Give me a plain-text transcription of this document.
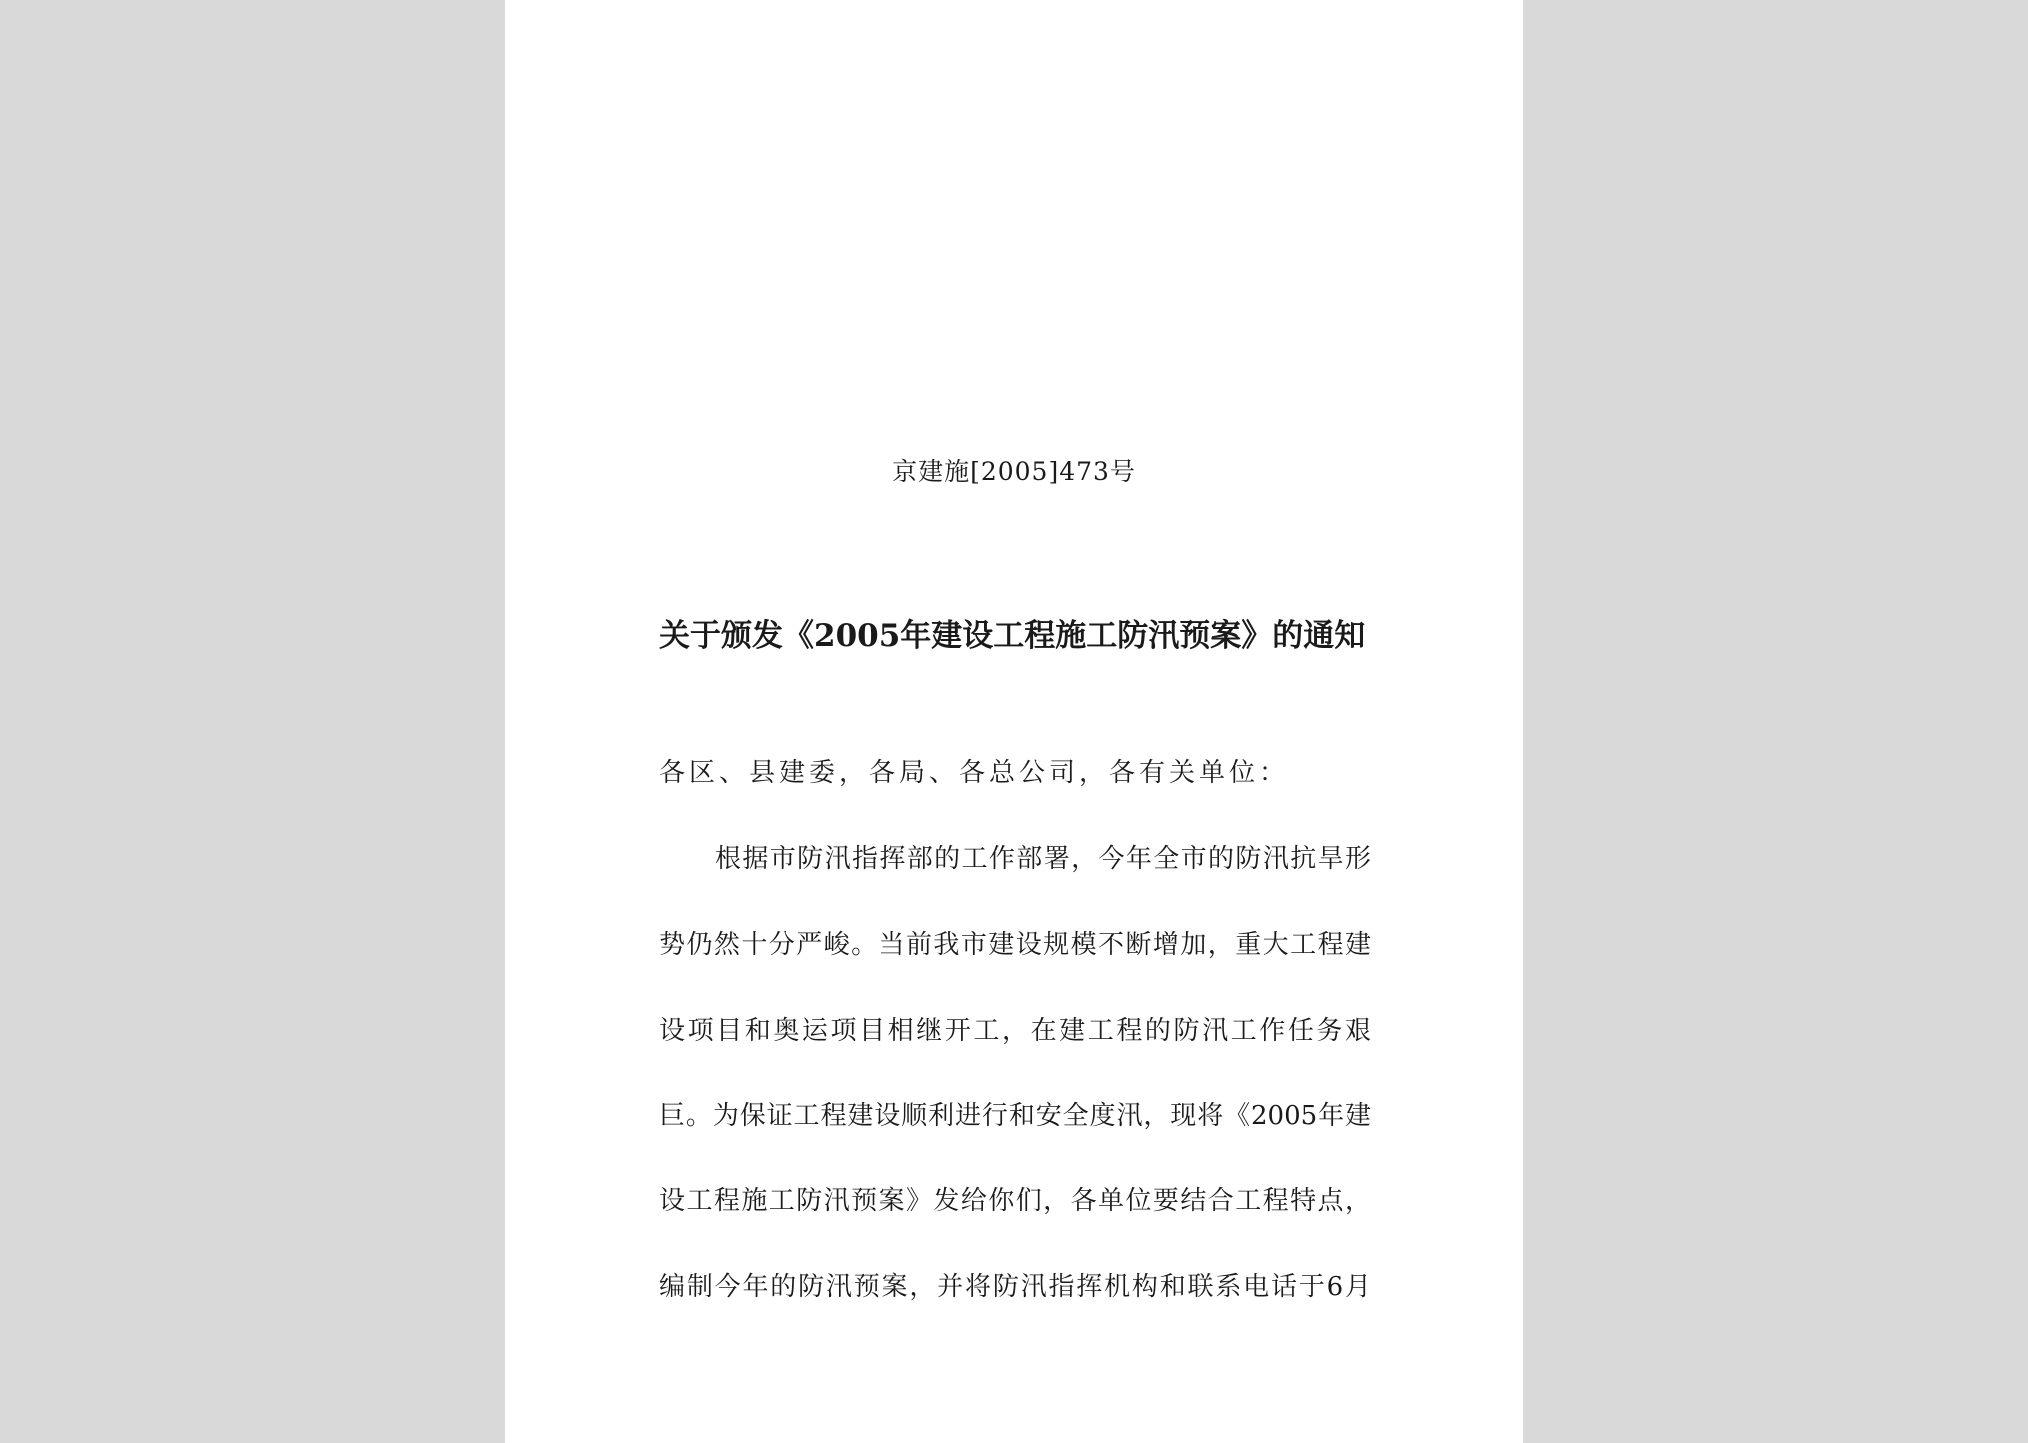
京建施[2005]473号
关于颁发《2005年建设工程施工防汛预案》的通知
各区、县建委，各局、各总公司，各有关单位：
根据市防汛指挥部的工作部署，今年全市的防汛抗旱形
势仍然十分严峻。当前我市建设规模不断增加，重大工程建
设项目和奥运项目相继开工，在建工程的防汛工作任务艰
巨。为保证工程建设顺利进行和安全度汛，现将《2005年建
设工程施工防汛预案》发给你们，各单位要结合工程特点，
编制今年的防汛预案，并将防汛指挥机构和联系电话于6月
